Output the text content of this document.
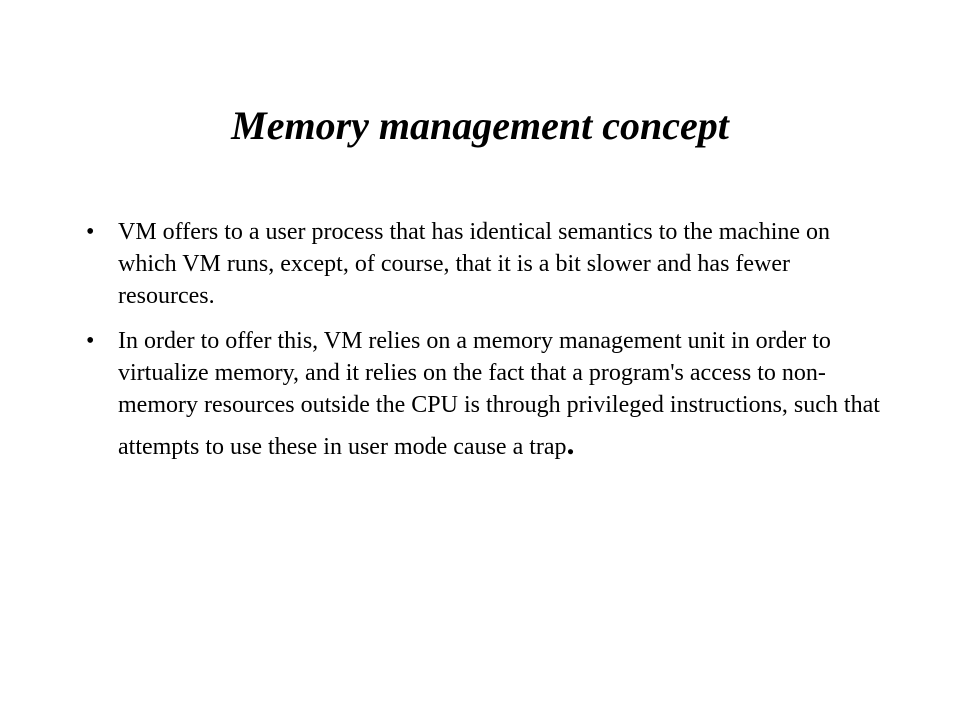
Memory management concept
• VM offers to a user process that has identical semantics to the machine on which VM runs, except, of course, that it is a bit slower and has fewer resources.
• In order to offer this, VM relies on a memory management unit in order to virtualize memory, and it relies on the fact that a program's access to non-memory resources outside the CPU is through privileged instructions, such that attempts to use these in user mode cause a trap.
